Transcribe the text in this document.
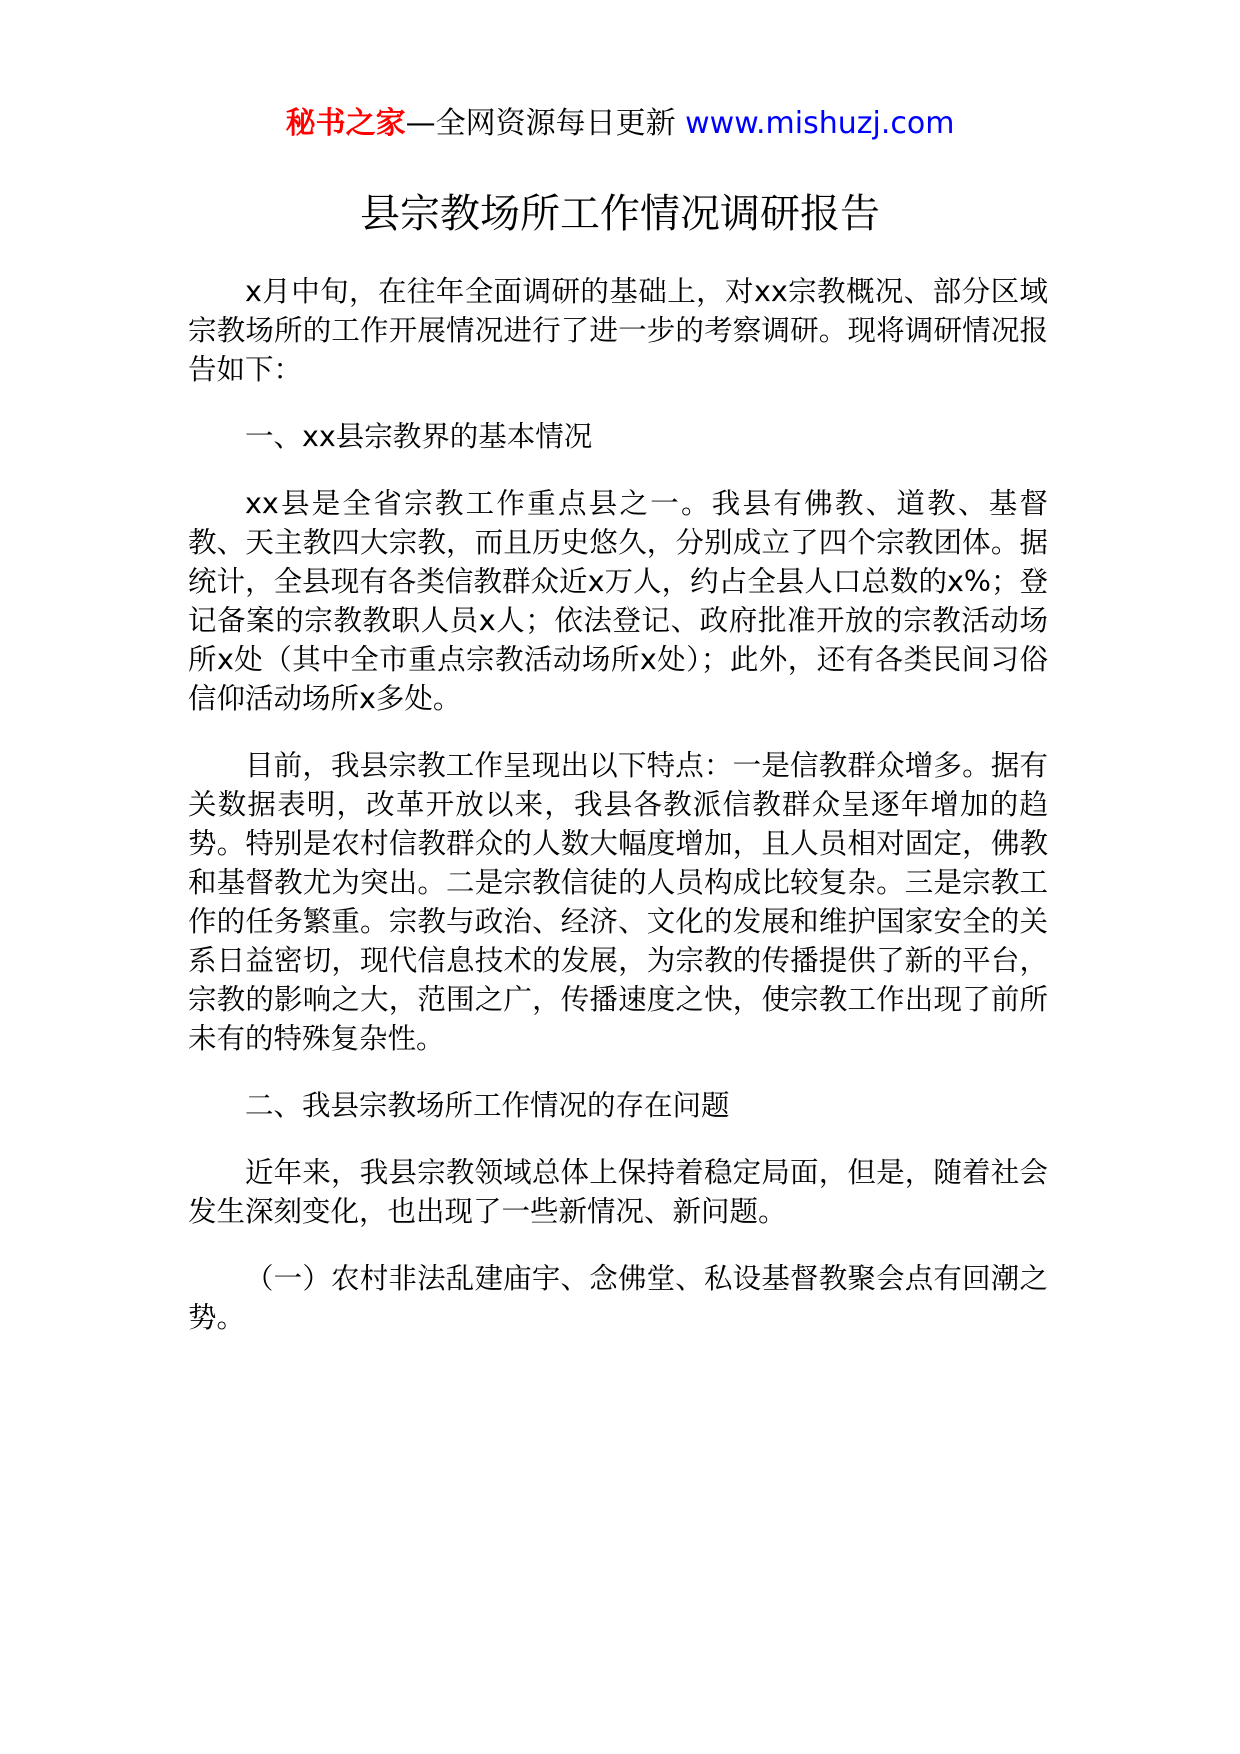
秘书之家—全网资源每日更新 www.mishuzj.com
县宗教场所工作情况调研报告

x月中旬，在往年全面调研的基础上，对xx宗教概况、部分区域宗教场所的工作开展情况进行了进一步的考察调研。现将调研情况报告如下：

一、xx县宗教界的基本情况

xx县是全省宗教工作重点县之一。我县有佛教、道教、基督教、天主教四大宗教，而且历史悠久，分别成立了四个宗教团体。据统计，全县现有各类信教群众近x万人，约占全县人口总数的x%；登记备案的宗教教职人员x人；依法登记、政府批准开放的宗教活动场所x处（其中全市重点宗教活动场所x处）；此外，还有各类民间习俗信仰活动场所x多处。

目前，我县宗教工作呈现出以下特点：一是信教群众增多。据有关数据表明，改革开放以来，我县各教派信教群众呈逐年增加的趋势。特别是农村信教群众的人数大幅度增加，且人员相对固定，佛教和基督教尤为突出。二是宗教信徒的人员构成比较复杂。三是宗教工作的任务繁重。宗教与政治、经济、文化的发展和维护国家安全的关系日益密切，现代信息技术的发展，为宗教的传播提供了新的平台，宗教的影响之大，范围之广，传播速度之快，使宗教工作出现了前所未有的特殊复杂性。

二、我县宗教场所工作情况的存在问题

近年来，我县宗教领域总体上保持着稳定局面，但是，随着社会发生深刻变化，也出现了一些新情况、新问题。

（一）农村非法乱建庙宇、念佛堂、私设基督教聚会点有回潮之势。
